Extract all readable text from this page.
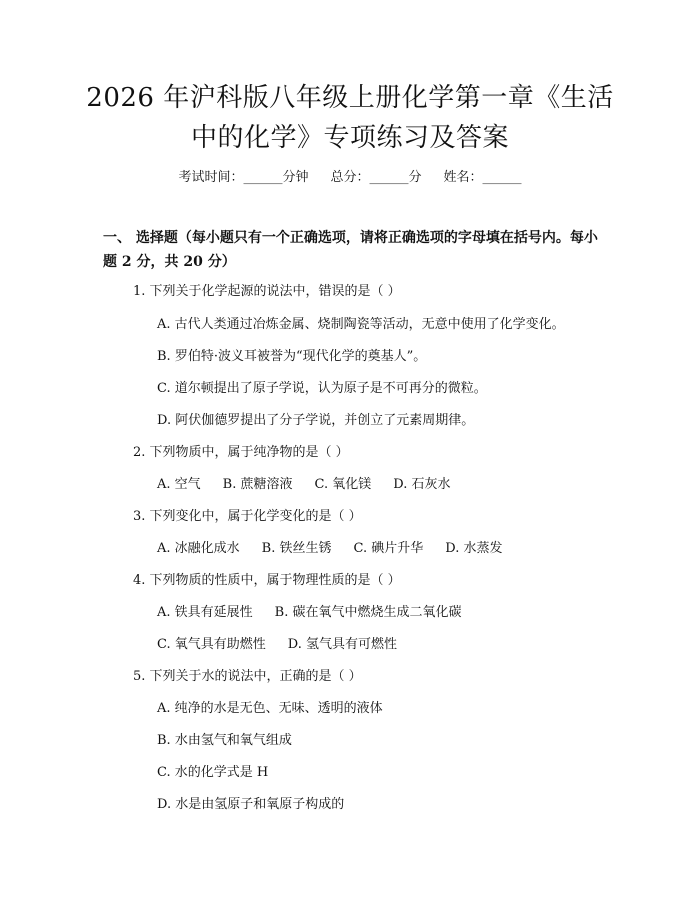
2026 年沪科版八年级上册化学第一章《生活
中的化学》专项练习及答案
考试时间：______分钟 总分：______分 姓名：______
一、 选择题（每小题只有一个正确选项，请将正确选项的字母填在括号内。每小题 2 分，共 20 分）
1. 下列关于化学起源的说法中，错误的是（ ）
A. 古代人类通过冶炼金属、烧制陶瓷等活动，无意中使用了化学变化。
B. 罗伯特·波义耳被誉为“现代化学的奠基人”。
C. 道尔顿提出了原子学说，认为原子是不可再分的微粒。
D. 阿伏伽德罗提出了分子学说，并创立了元素周期律。
2. 下列物质中，属于纯净物的是（ ）
A. 空气 B. 蔗糖溶液 C. 氧化镁 D. 石灰水
3. 下列变化中，属于化学变化的是（ ）
A. 冰融化成水 B. 铁丝生锈 C. 碘片升华 D. 水蒸发
4. 下列物质的性质中，属于物理性质的是（ ）
A. 铁具有延展性 B. 碳在氧气中燃烧生成二氧化碳
C. 氧气具有助燃性 D. 氢气具有可燃性
5. 下列关于水的说法中，正确的是（ ）
A. 纯净的水是无色、无味、透明的液体
B. 水由氢气和氧气组成
C. 水的化学式是 H
D. 水是由氢原子和氧原子构成的
